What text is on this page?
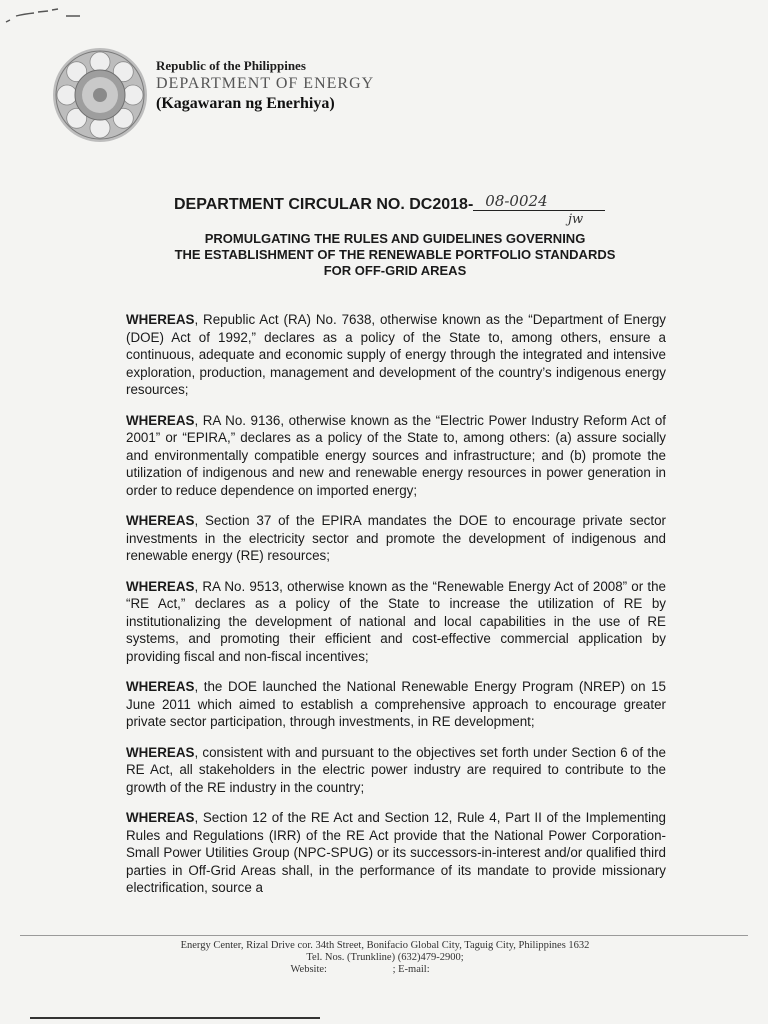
Republic of the Philippines
DEPARTMENT OF ENERGY
(Kagawaran ng Enerhiya)
DEPARTMENT CIRCULAR NO. DC2018- 08-0024
jw
PROMULGATING THE RULES AND GUIDELINES GOVERNING
THE ESTABLISHMENT OF THE RENEWABLE PORTFOLIO STANDARDS
FOR OFF-GRID AREAS

WHEREAS, Republic Act (RA) No. 7638, otherwise known as the “Department of Energy (DOE) Act of 1992,” declares as a policy of the State to, among others, ensure a continuous, adequate and economic supply of energy through the integrated and intensive exploration, production, management and development of the country’s indigenous energy resources;

WHEREAS, RA No. 9136, otherwise known as the “Electric Power Industry Reform Act of 2001” or “EPIRA,” declares as a policy of the State to, among others: (a) assure socially and environmentally compatible energy sources and infrastructure; and (b) promote the utilization of indigenous and new and renewable energy resources in power generation in order to reduce dependence on imported energy;

WHEREAS, Section 37 of the EPIRA mandates the DOE to encourage private sector investments in the electricity sector and promote the development of indigenous and renewable energy (RE) resources;

WHEREAS, RA No. 9513, otherwise known as the “Renewable Energy Act of 2008” or the “RE Act,” declares as a policy of the State to increase the utilization of RE by institutionalizing the development of national and local capabilities in the use of RE systems, and promoting their efficient and cost-effective commercial application by providing fiscal and non-fiscal incentives;

WHEREAS, the DOE launched the National Renewable Energy Program (NREP) on 15 June 2011 which aimed to establish a comprehensive approach to encourage greater private sector participation, through investments, in RE development;

WHEREAS, consistent with and pursuant to the objectives set forth under Section 6 of the RE Act, all stakeholders in the electric power industry are required to contribute to the growth of the RE industry in the country;

WHEREAS, Section 12 of the RE Act and Section 12, Rule 4, Part II of the Implementing Rules and Regulations (IRR) of the RE Act provide that the National Power Corporation-Small Power Utilities Group (NPC-SPUG) or its successors-in-interest and/or qualified third parties in Off-Grid Areas shall, in the performance of its mandate to provide missionary electrification, source a

Energy Center, Rizal Drive cor. 34th Street, Bonifacio Global City, Taguig City, Philippines 1632
Tel. Nos. (Trunkline) (632)479-2900;
Website: ​                        ; E-mail:
